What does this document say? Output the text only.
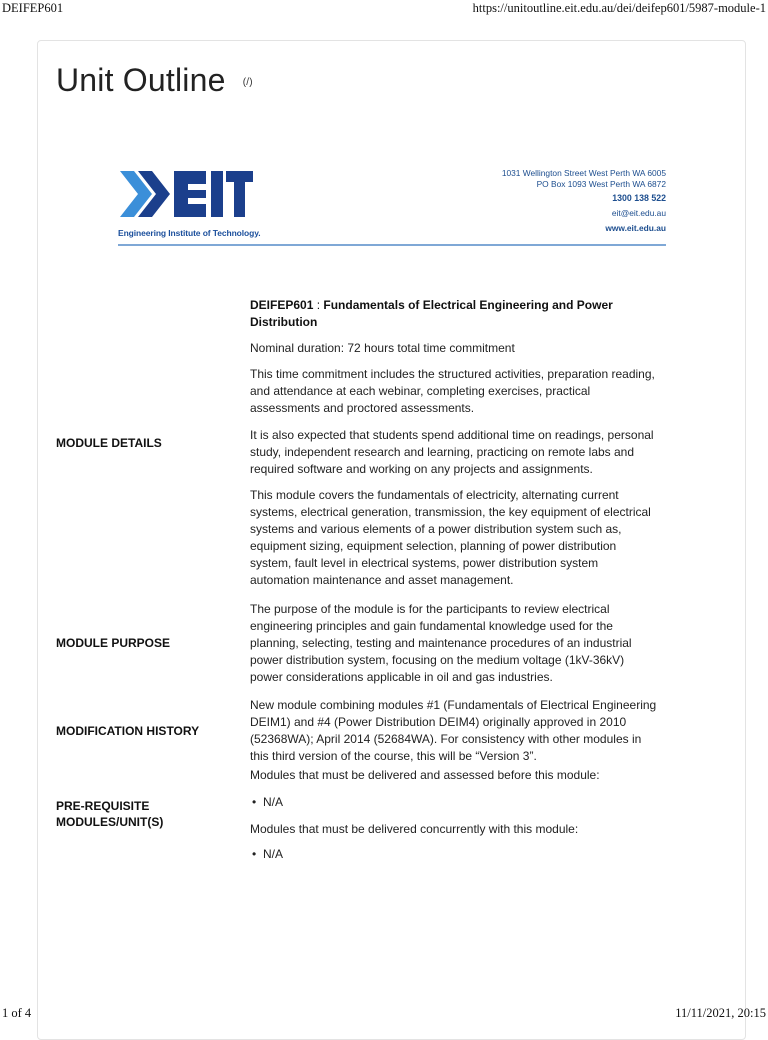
DEIFEP601	https://unitoutline.eit.edu.au/dei/deifep601/5987-module-1
Unit Outline (/)
Engineering Institute of Technology.
1031 Wellington Street West Perth WA 6005
PO Box 1093 West Perth WA 6872
1300 138 522
eit@eit.edu.au
www.eit.edu.au

DEIFEP601 : Fundamentals of Electrical Engineering and Power Distribution

Nominal duration: 72 hours total time commitment
This time commitment includes the structured activities, preparation reading, and attendance at each webinar, completing exercises, practical assessments and proctored assessments.
MODULE DETAILS
It is also expected that students spend additional time on readings, personal study, independent research and learning, practicing on remote labs and required software and working on any projects and assignments.
This module covers the fundamentals of electricity, alternating current systems, electrical generation, transmission, the key equipment of electrical systems and various elements of a power distribution system such as, equipment sizing, equipment selection, planning of power distribution system, fault level in electrical systems, power distribution system automation maintenance and asset management.
MODULE PURPOSE
The purpose of the module is for the participants to review electrical engineering principles and gain fundamental knowledge used for the planning, selecting, testing and maintenance procedures of an industrial power distribution system, focusing on the medium voltage (1kV-36kV) power considerations applicable in oil and gas industries.
MODIFICATION HISTORY
New module combining modules #1 (Fundamentals of Electrical Engineering DEIM1) and #4 (Power Distribution DEIM4) originally approved in 2010 (52368WA); April 2014 (52684WA). For consistency with other modules in this third version of the course, this will be “Version 3”.
PRE-REQUISITE
MODULES/UNIT(S)
Modules that must be delivered and assessed before this module:
• N/A
Modules that must be delivered concurrently with this module:
• N/A
1 of 4	11/11/2021, 20:15
